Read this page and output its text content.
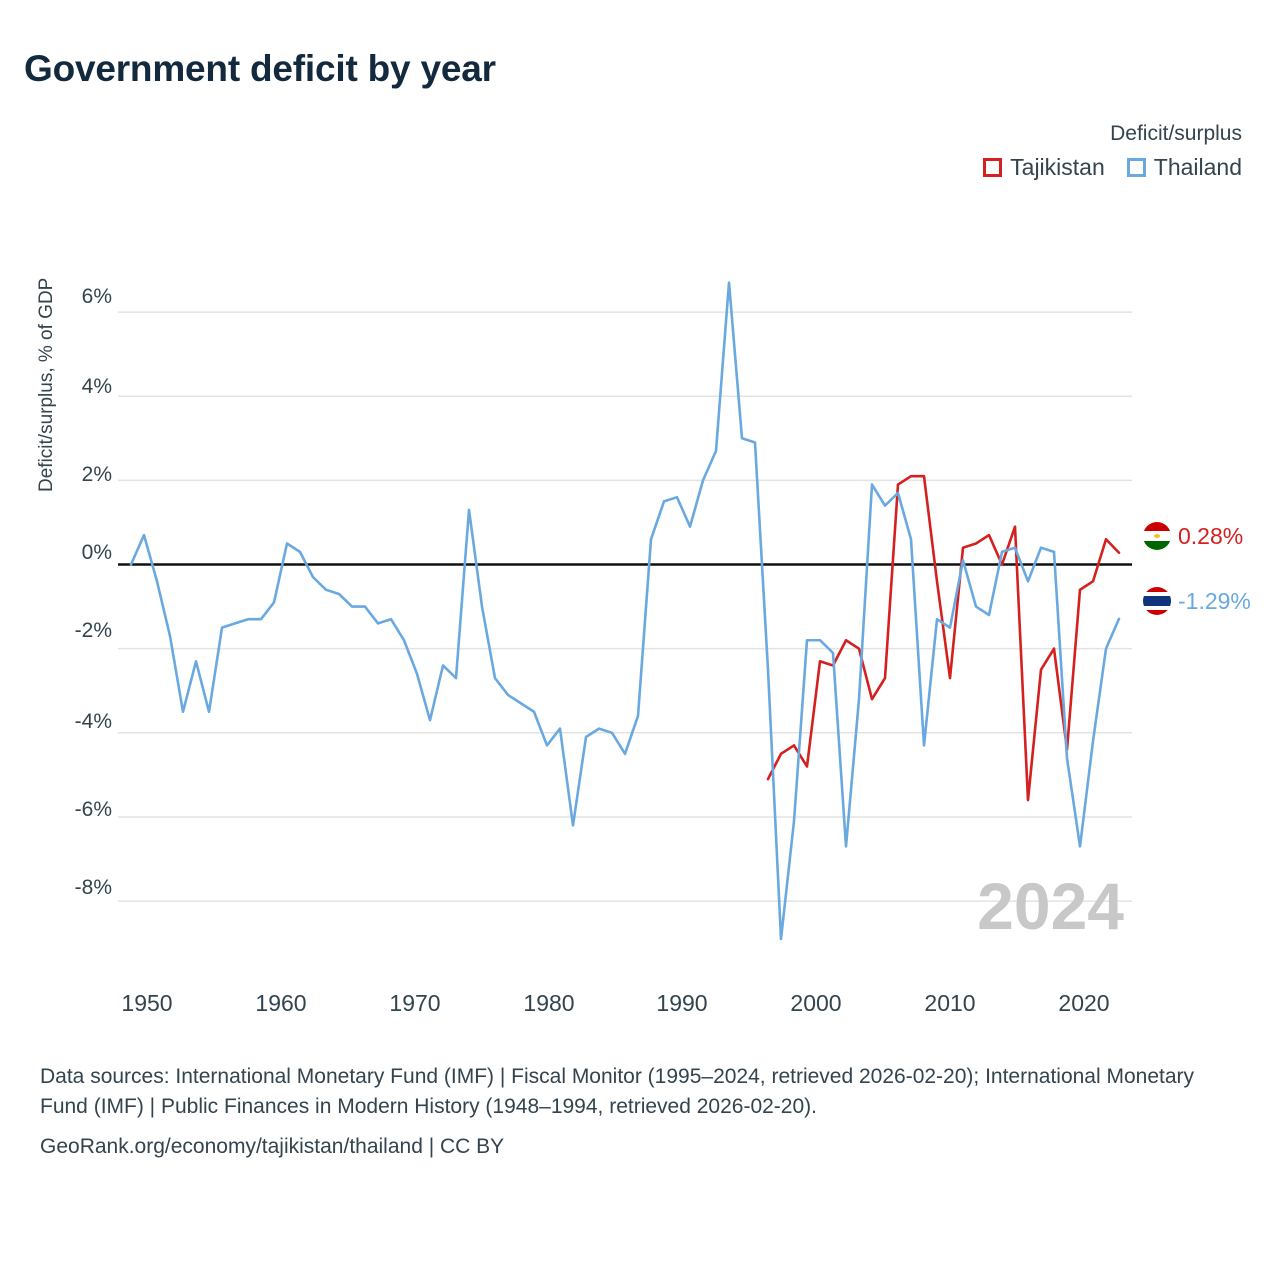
Government deficit by year
Deficit/surplus
Tajikistan Thailand
Deficit/surplus, % of GDP	6%
4%
2%
0%
-2%
-4%
-6%
-8%
1950	1960	1970	1980	1990	2000	2010	2020
2024
0.28%
-1.29%
Data sources: International Monetary Fund (IMF) | Fiscal Monitor (1995–2024, retrieved 2026-02-20); International Monetary Fund (IMF) | Public Finances in Modern History (1948–1994, retrieved 2026-02-20).
GeoRank.org/economy/tajikistan/thailand | CC BY
